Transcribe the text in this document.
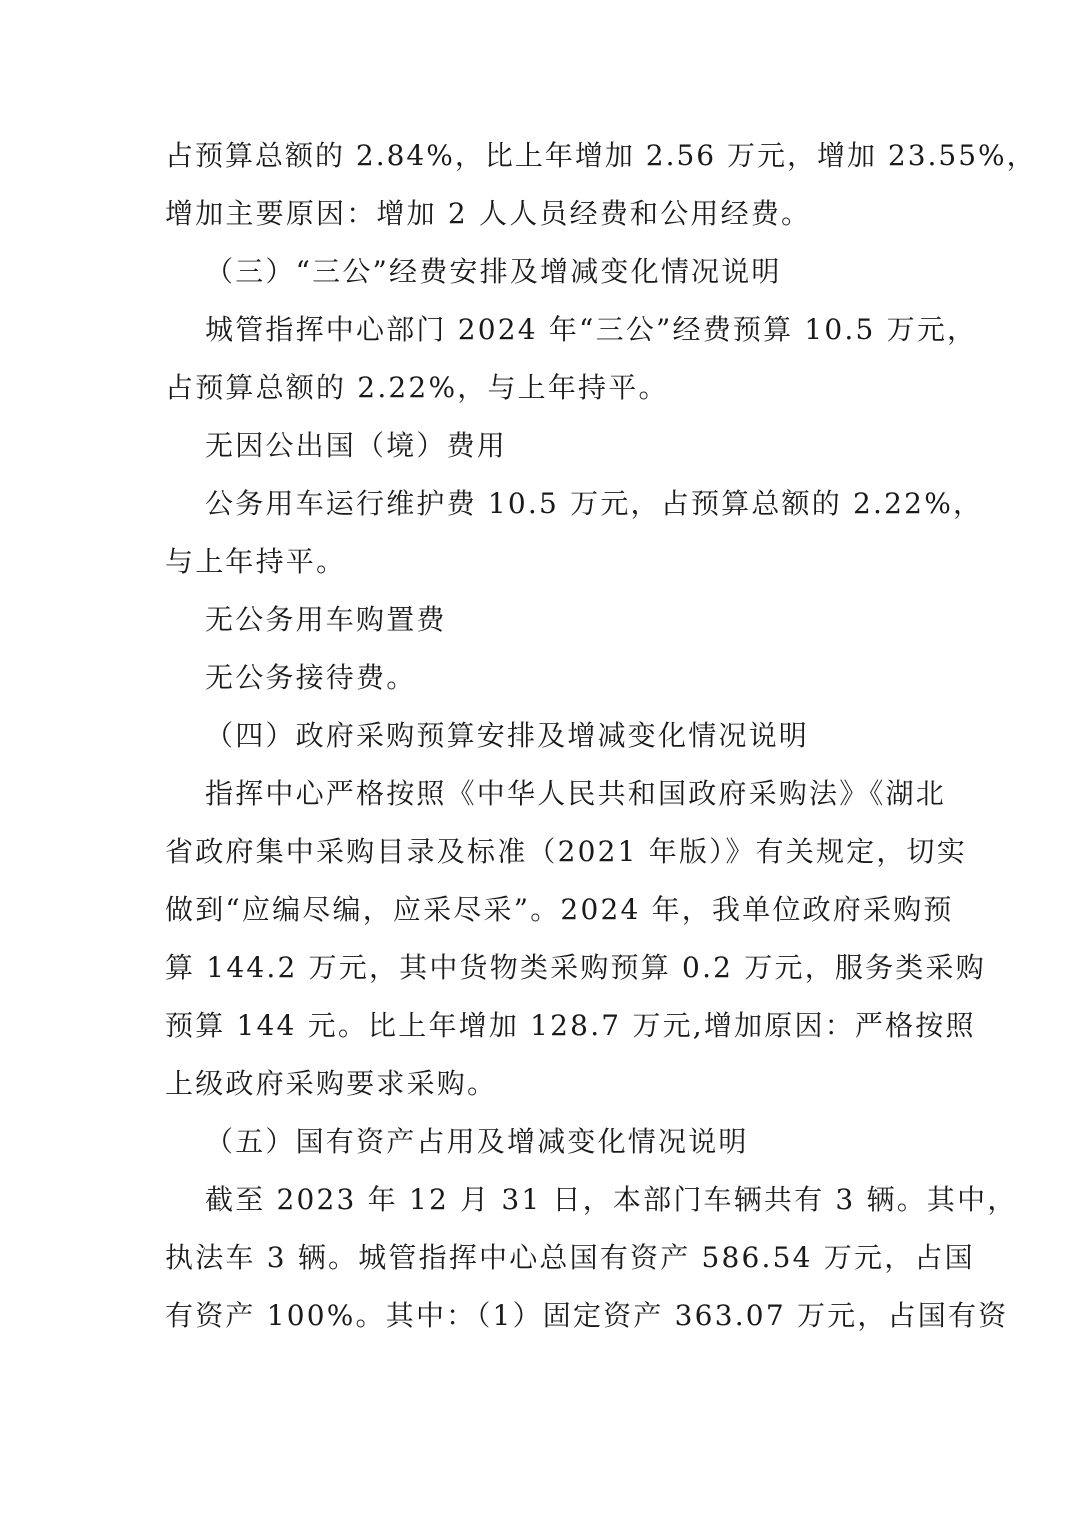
占预算总额的 2.84%，比上年增加 2.56 万元，增加 23.55%，
增加主要原因：增加 2 人人员经费和公用经费。
（三）“三公”经费安排及增减变化情况说明
城管指挥中心部门 2024 年“三公”经费预算 10.5 万元，
占预算总额的 2.22%，与上年持平。
无因公出国（境）费用
公务用车运行维护费 10.5 万元，占预算总额的 2.22%，
与上年持平。
无公务用车购置费
无公务接待费。
（四）政府采购预算安排及增减变化情况说明
指挥中心严格按照《中华人民共和国政府采购法》《湖北
省政府集中采购目录及标准（2021 年版）》有关规定，切实
做到“应编尽编，应采尽采”。2024 年，我单位政府采购预
算 144.2 万元，其中货物类采购预算 0.2 万元，服务类采购
预算 144 元。比上年增加 128.7 万元,增加原因：严格按照
上级政府采购要求采购。
（五）国有资产占用及增减变化情况说明
截至 2023 年 12 月 31 日，本部门车辆共有 3 辆。其中，
执法车 3 辆。城管指挥中心总国有资产 586.54 万元，占国
有资产 100%。其中：（1）固定资产 363.07 万元，占国有资
